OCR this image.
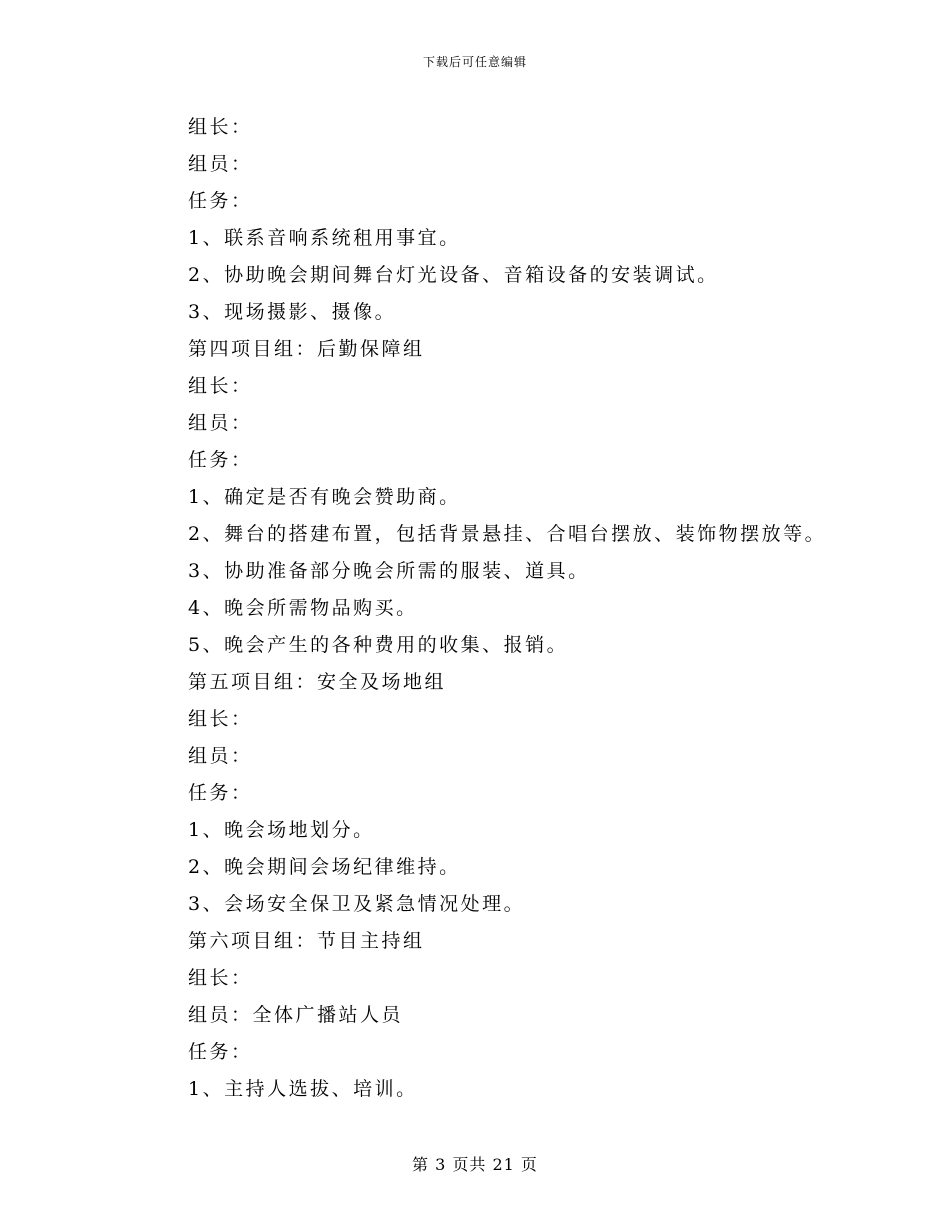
下载后可任意编辑
组长：
组员：
任务：
1、联系音响系统租用事宜。
2、协助晚会期间舞台灯光设备、音箱设备的安装调试。
3、现场摄影、摄像。
第四项目组：后勤保障组
组长：
组员：
任务：
1、确定是否有晚会赞助商。
2、舞台的搭建布置，包括背景悬挂、合唱台摆放、装饰物摆放等。
3、协助准备部分晚会所需的服装、道具。
4、晚会所需物品购买。
5、晚会产生的各种费用的收集、报销。
第五项目组：安全及场地组
组长：
组员：
任务：
1、晚会场地划分。
2、晚会期间会场纪律维持。
3、会场安全保卫及紧急情况处理。
第六项目组：节目主持组
组长：
组员：全体广播站人员
任务：
1、主持人选拔、培训。
第 3 页共 21 页
